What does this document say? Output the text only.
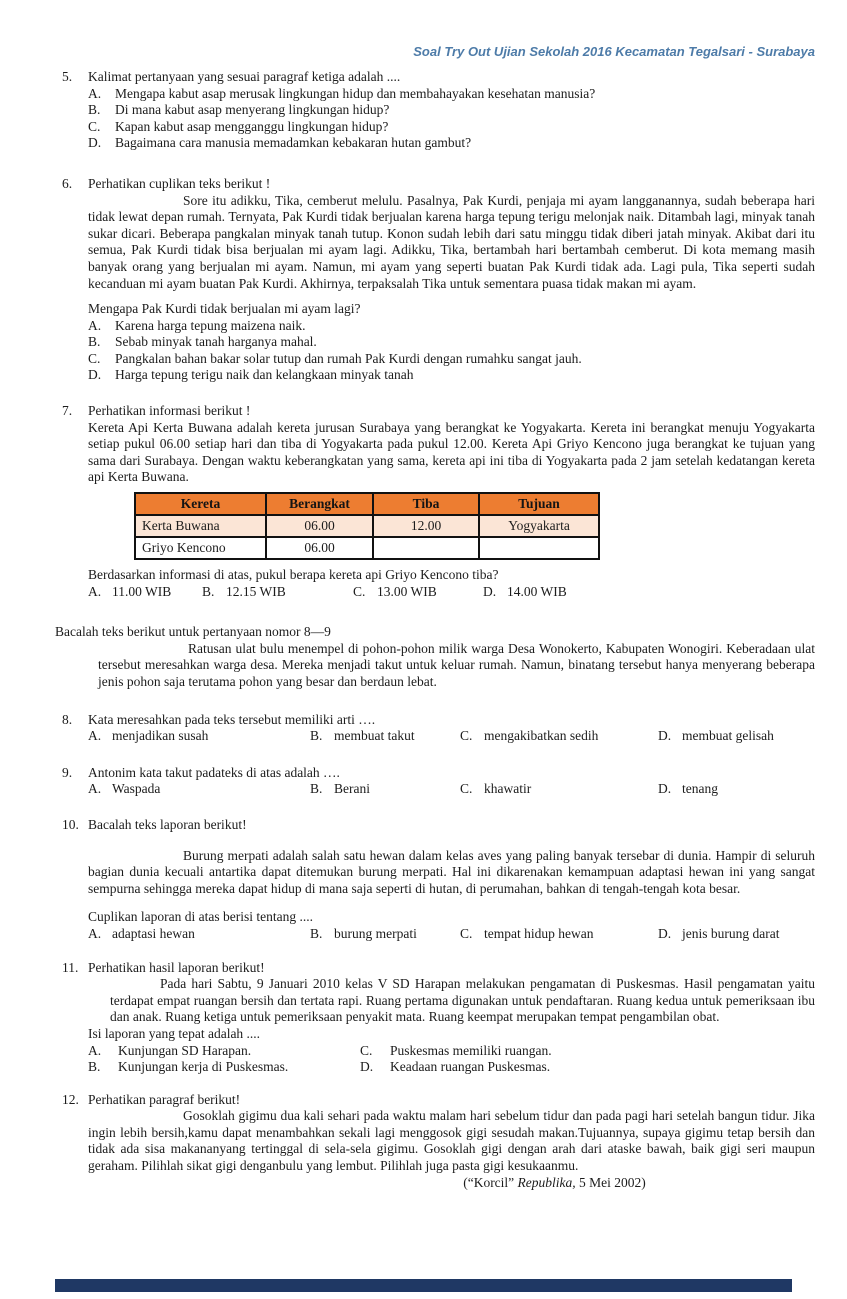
Soal Try Out Ujian Sekolah 2016 Kecamatan Tegalsari - Surabaya
5.	Kalimat pertanyaan yang sesuai paragraf ketiga adalah ....
A.	Mengapa kabut asap merusak lingkungan hidup dan membahayakan kesehatan manusia?
B.	Di mana kabut asap menyerang lingkungan hidup?
C.	Kapan kabut asap mengganggu lingkungan hidup?
D.	Bagaimana cara manusia memadamkan kebakaran hutan gambut?
6.	Perhatikan cuplikan teks berikut !
Sore itu adikku, Tika, cemberut melulu. Pasalnya, Pak Kurdi, penjaja mi ayam langganannya, sudah beberapa hari tidak lewat depan rumah. Ternyata, Pak Kurdi tidak berjualan karena harga tepung terigu melonjak naik. Ditambah lagi, minyak tanah sukar dicari. Beberapa pangkalan minyak tanah tutup. Konon sudah lebih dari satu minggu tidak diberi jatah minyak. Akibat dari itu semua, Pak Kurdi tidak bisa berjualan mi ayam lagi. Adikku, Tika, bertambah hari bertambah cemberut. Di kota memang masih banyak orang yang berjualan mi ayam. Namun, mi ayam yang seperti buatan Pak Kurdi tidak ada. Lagi pula, Tika seperti sudah kecanduan mi ayam buatan Pak Kurdi. Akhirnya, terpaksalah Tika untuk sementara puasa tidak makan mi ayam.
Mengapa Pak Kurdi tidak berjualan mi ayam lagi?
A.	Karena harga tepung maizena naik.
B.	Sebab minyak tanah harganya mahal.
C.	Pangkalan bahan bakar solar tutup dan rumah Pak Kurdi dengan rumahku sangat jauh.
D.	Harga tepung terigu naik dan kelangkaan minyak tanah
7.	Perhatikan informasi berikut !
Kereta Api Kerta Buwana adalah kereta jurusan Surabaya yang berangkat ke Yogyakarta. Kereta ini berangkat menuju Yogyakarta setiap pukul 06.00 setiap hari dan tiba di Yogyakarta pada pukul 12.00. Kereta Api Griyo Kencono juga berangkat ke tujuan yang sama dari Surabaya. Dengan waktu keberangkatan yang sama, kereta api ini tiba di Yogyakarta pada 2 jam setelah kedatangan kereta api Kerta Buwana.
Kereta	Berangkat	Tiba	Tujuan
Kerta Buwana	06.00	12.00	Yogyakarta
Griyo Kencono	06.00		
Berdasarkan informasi di atas, pukul berapa kereta api Griyo Kencono tiba?
A. 11.00 WIB B. 12.15 WIB	C. 13.00 WIB	D. 14.00 WIB
Bacalah teks berikut untuk pertanyaan nomor 8—9
Ratusan ulat bulu menempel di pohon-pohon milik warga Desa Wonokerto, Kabupaten Wonogiri. Keberadaan ulat tersebut meresahkan warga desa. Mereka menjadi takut untuk keluar rumah. Namun, binatang tersebut hanya menyerang beberapa jenis pohon saja terutama pohon yang besar dan berdaun lebat.
8.	Kata meresahkan pada teks tersebut memiliki arti ….
A. menjadikan susah	B. membuat takut	C. mengakibatkan sedih	D. membuat gelisah
9.	Antonim kata takut padateks di atas adalah ….
A. Waspada	B. Berani	C. khawatir	D. tenang
10. Bacalah teks laporan berikut!
Burung merpati adalah salah satu hewan dalam kelas aves yang paling banyak tersebar di dunia. Hampir di seluruh bagian dunia kecuali antartika dapat ditemukan burung merpati. Hal ini dikarenakan kemampuan adaptasi hewan ini yang sangat sempurna sehingga mereka dapat hidup di mana saja seperti di hutan, di perumahan, bahkan di tengah-tengah kota besar.
Cuplikan laporan di atas berisi tentang ....
A. adaptasi hewan	B. burung merpati	C. tempat hidup hewan	D. jenis burung darat
11. Perhatikan hasil laporan berikut!
Pada hari Sabtu, 9 Januari 2010 kelas V SD Harapan melakukan pengamatan di Puskesmas. Hasil pengamatan yaitu terdapat empat ruangan bersih dan tertata rapi. Ruang pertama digunakan untuk pendaftaran. Ruang kedua untuk pemeriksaan ibu dan anak. Ruang ketiga untuk pemeriksaan penyakit mata. Ruang keempat merupakan tempat pengambilan obat.
Isi laporan yang tepat adalah ....
A.	Kunjungan SD Harapan.	C.	Puskesmas memiliki ruangan.
B.	Kunjungan kerja di Puskesmas.	D.	Keadaan ruangan Puskesmas.
12. Perhatikan paragraf berikut!
Gosoklah gigimu dua kali sehari pada waktu malam hari sebelum tidur dan pada pagi hari setelah bangun tidur. Jika ingin lebih bersih,kamu dapat menambahkan sekali lagi menggosok gigi sesudah makan.Tujuannya, supaya gigimu tetap bersih dan tidak ada sisa makananyang tertinggal di sela-sela gigimu. Gosoklah gigi dengan arah dari ataske bawah, baik gigi seri maupun geraham. Pilihlah sikat gigi denganbulu yang lembut. Pilihlah juga pasta gigi kesukaanmu.
(“Korcil” Republika, 5 Mei 2002)
